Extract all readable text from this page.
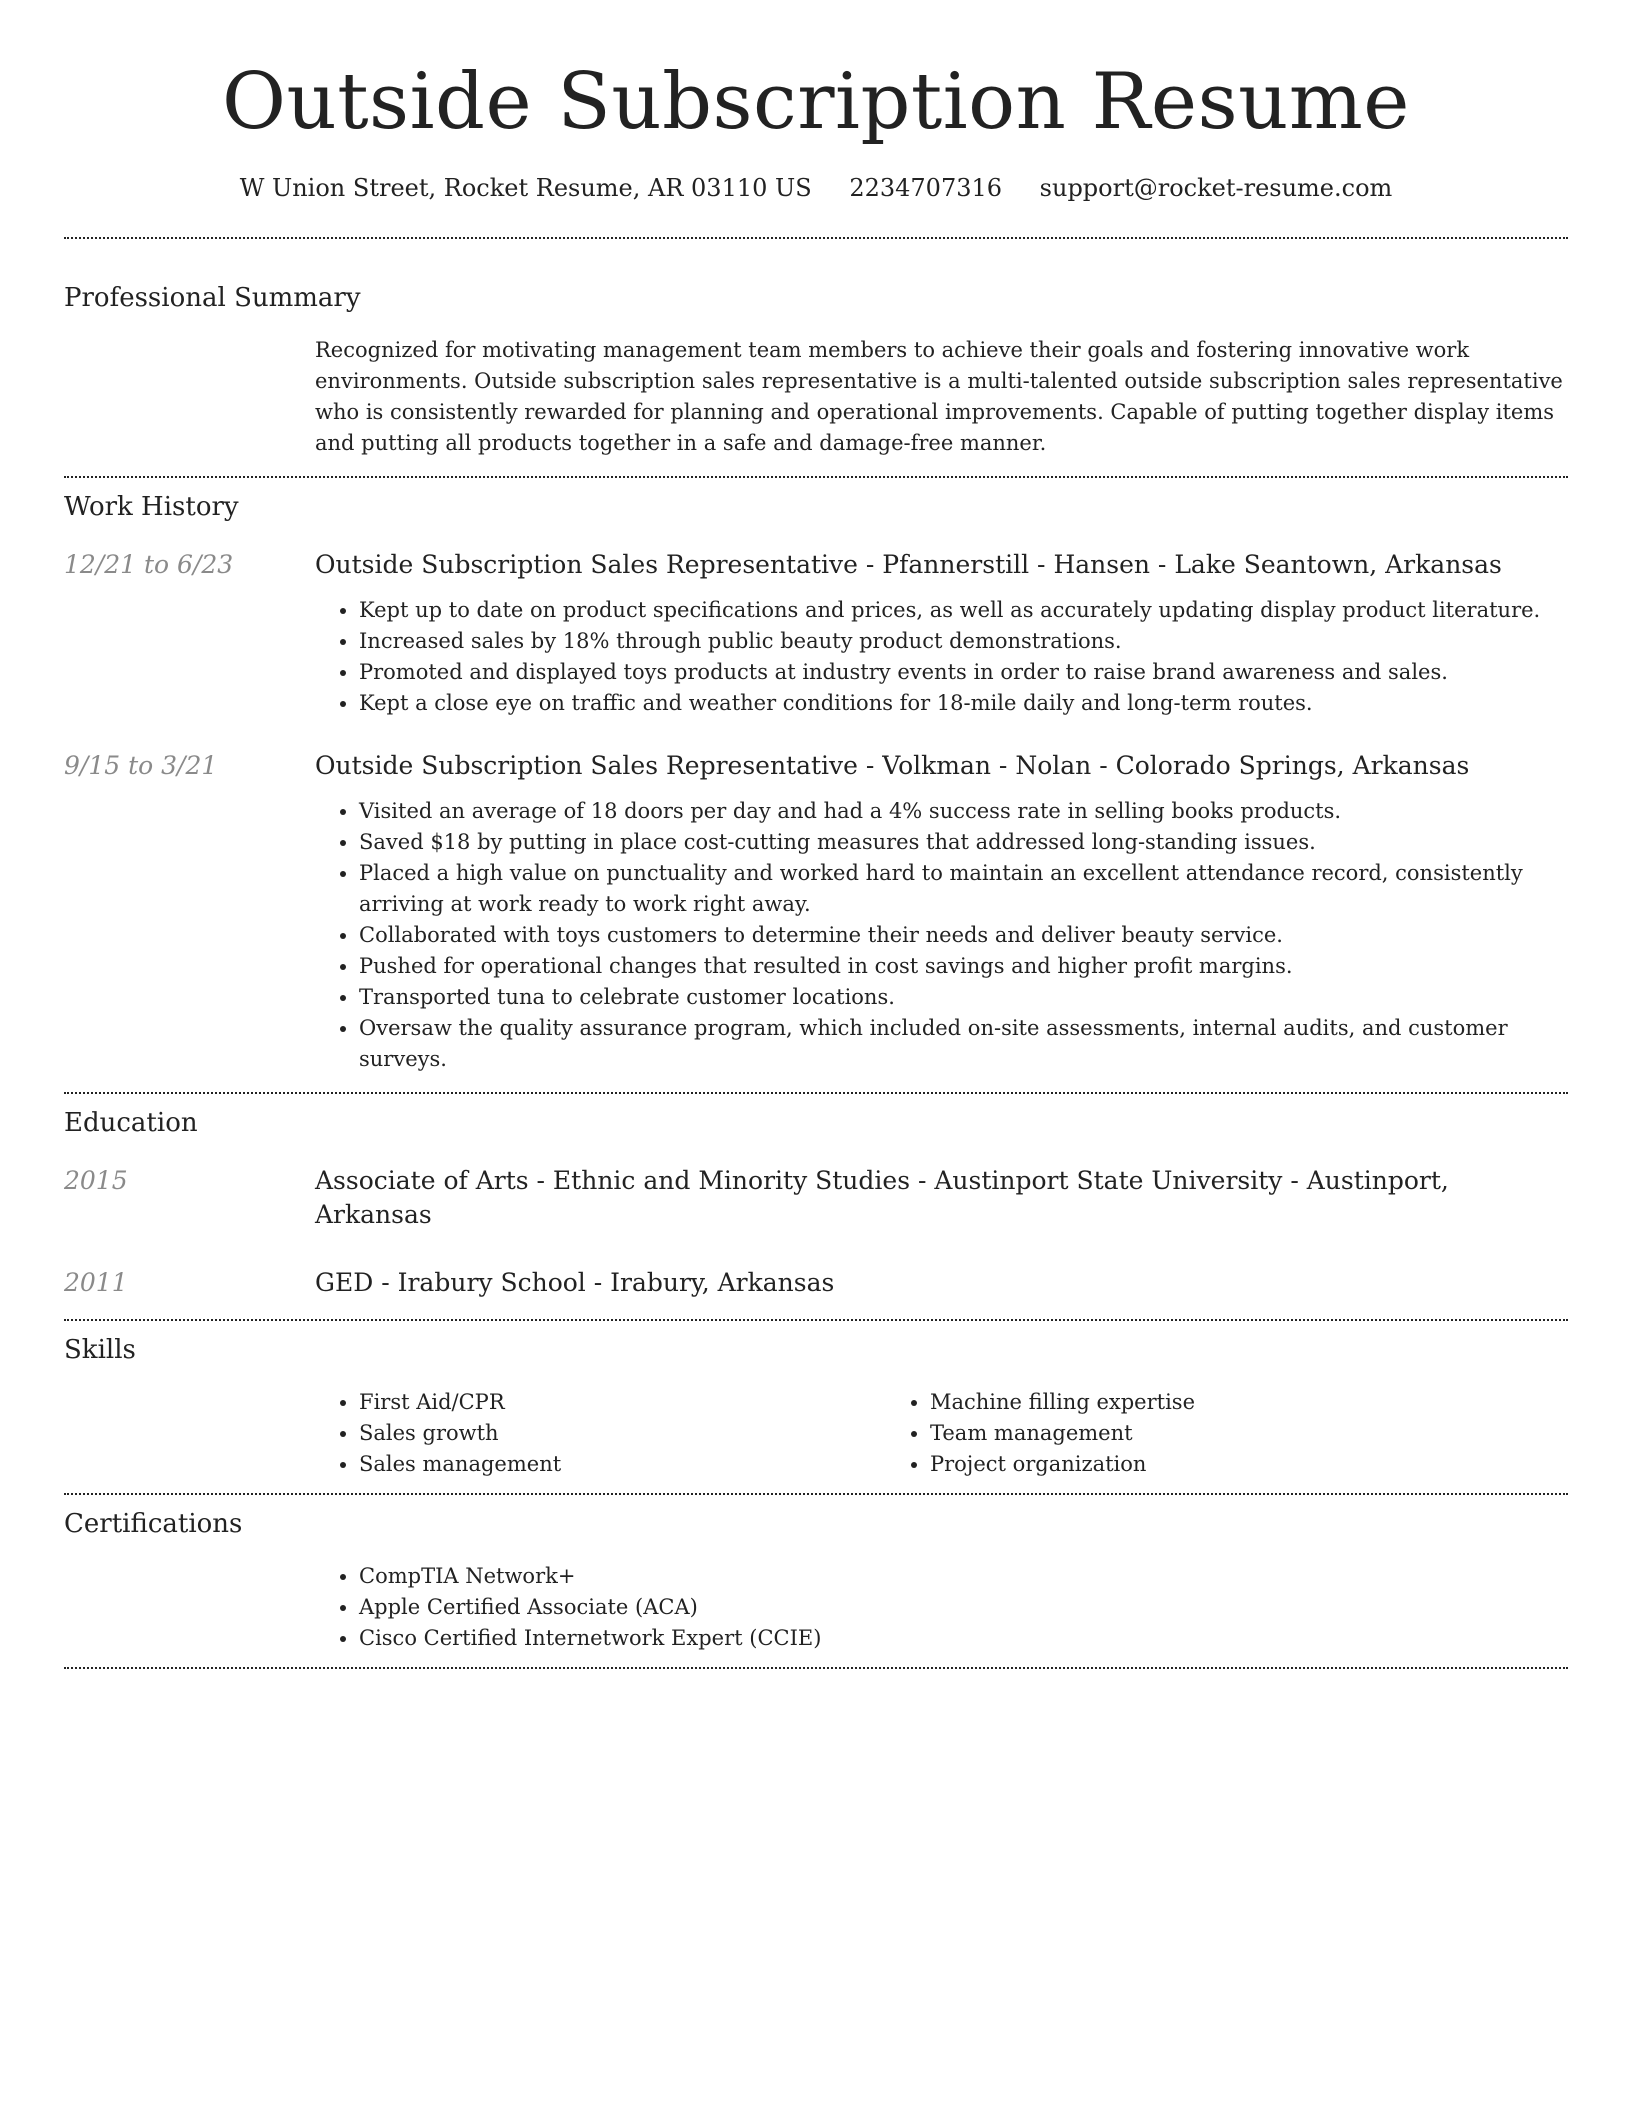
Outside Subscription Resume
W Union Street, Rocket Resume, AR 03110 US 2234707316 support@rocket-resume.com
Professional Summary
Recognized for motivating management team members to achieve their goals and fostering innovative work environments. Outside subscription sales representative is a multi-talented outside subscription sales representative who is consistently rewarded for planning and operational improvements. Capable of putting together display items and putting all products together in a safe and damage-free manner.
Work History
12/21 to 6/23	Outside Subscription Sales Representative - Pfannerstill - Hansen - Lake Seantown, Arkansas
• Kept up to date on product specifications and prices, as well as accurately updating display product literature.
• Increased sales by 18% through public beauty product demonstrations.
• Promoted and displayed toys products at industry events in order to raise brand awareness and sales.
• Kept a close eye on traffic and weather conditions for 18-mile daily and long-term routes.
9/15 to 3/21	Outside Subscription Sales Representative - Volkman - Nolan - Colorado Springs, Arkansas
• Visited an average of 18 doors per day and had a 4% success rate in selling books products.
• Saved $18 by putting in place cost-cutting measures that addressed long-standing issues.
• Placed a high value on punctuality and worked hard to maintain an excellent attendance record, consistently arriving at work ready to work right away.
• Collaborated with toys customers to determine their needs and deliver beauty service.
• Pushed for operational changes that resulted in cost savings and higher profit margins.
• Transported tuna to celebrate customer locations.
• Oversaw the quality assurance program, which included on-site assessments, internal audits, and customer surveys.
Education
2015	Associate of Arts - Ethnic and Minority Studies - Austinport State University - Austinport, Arkansas
2011	GED - Irabury School - Irabury, Arkansas
Skills
• First Aid/CPR
• Sales growth
• Sales management
• Machine filling expertise
• Team management
• Project organization
Certifications
• CompTIA Network+
• Apple Certified Associate (ACA)
• Cisco Certified Internetwork Expert (CCIE)
